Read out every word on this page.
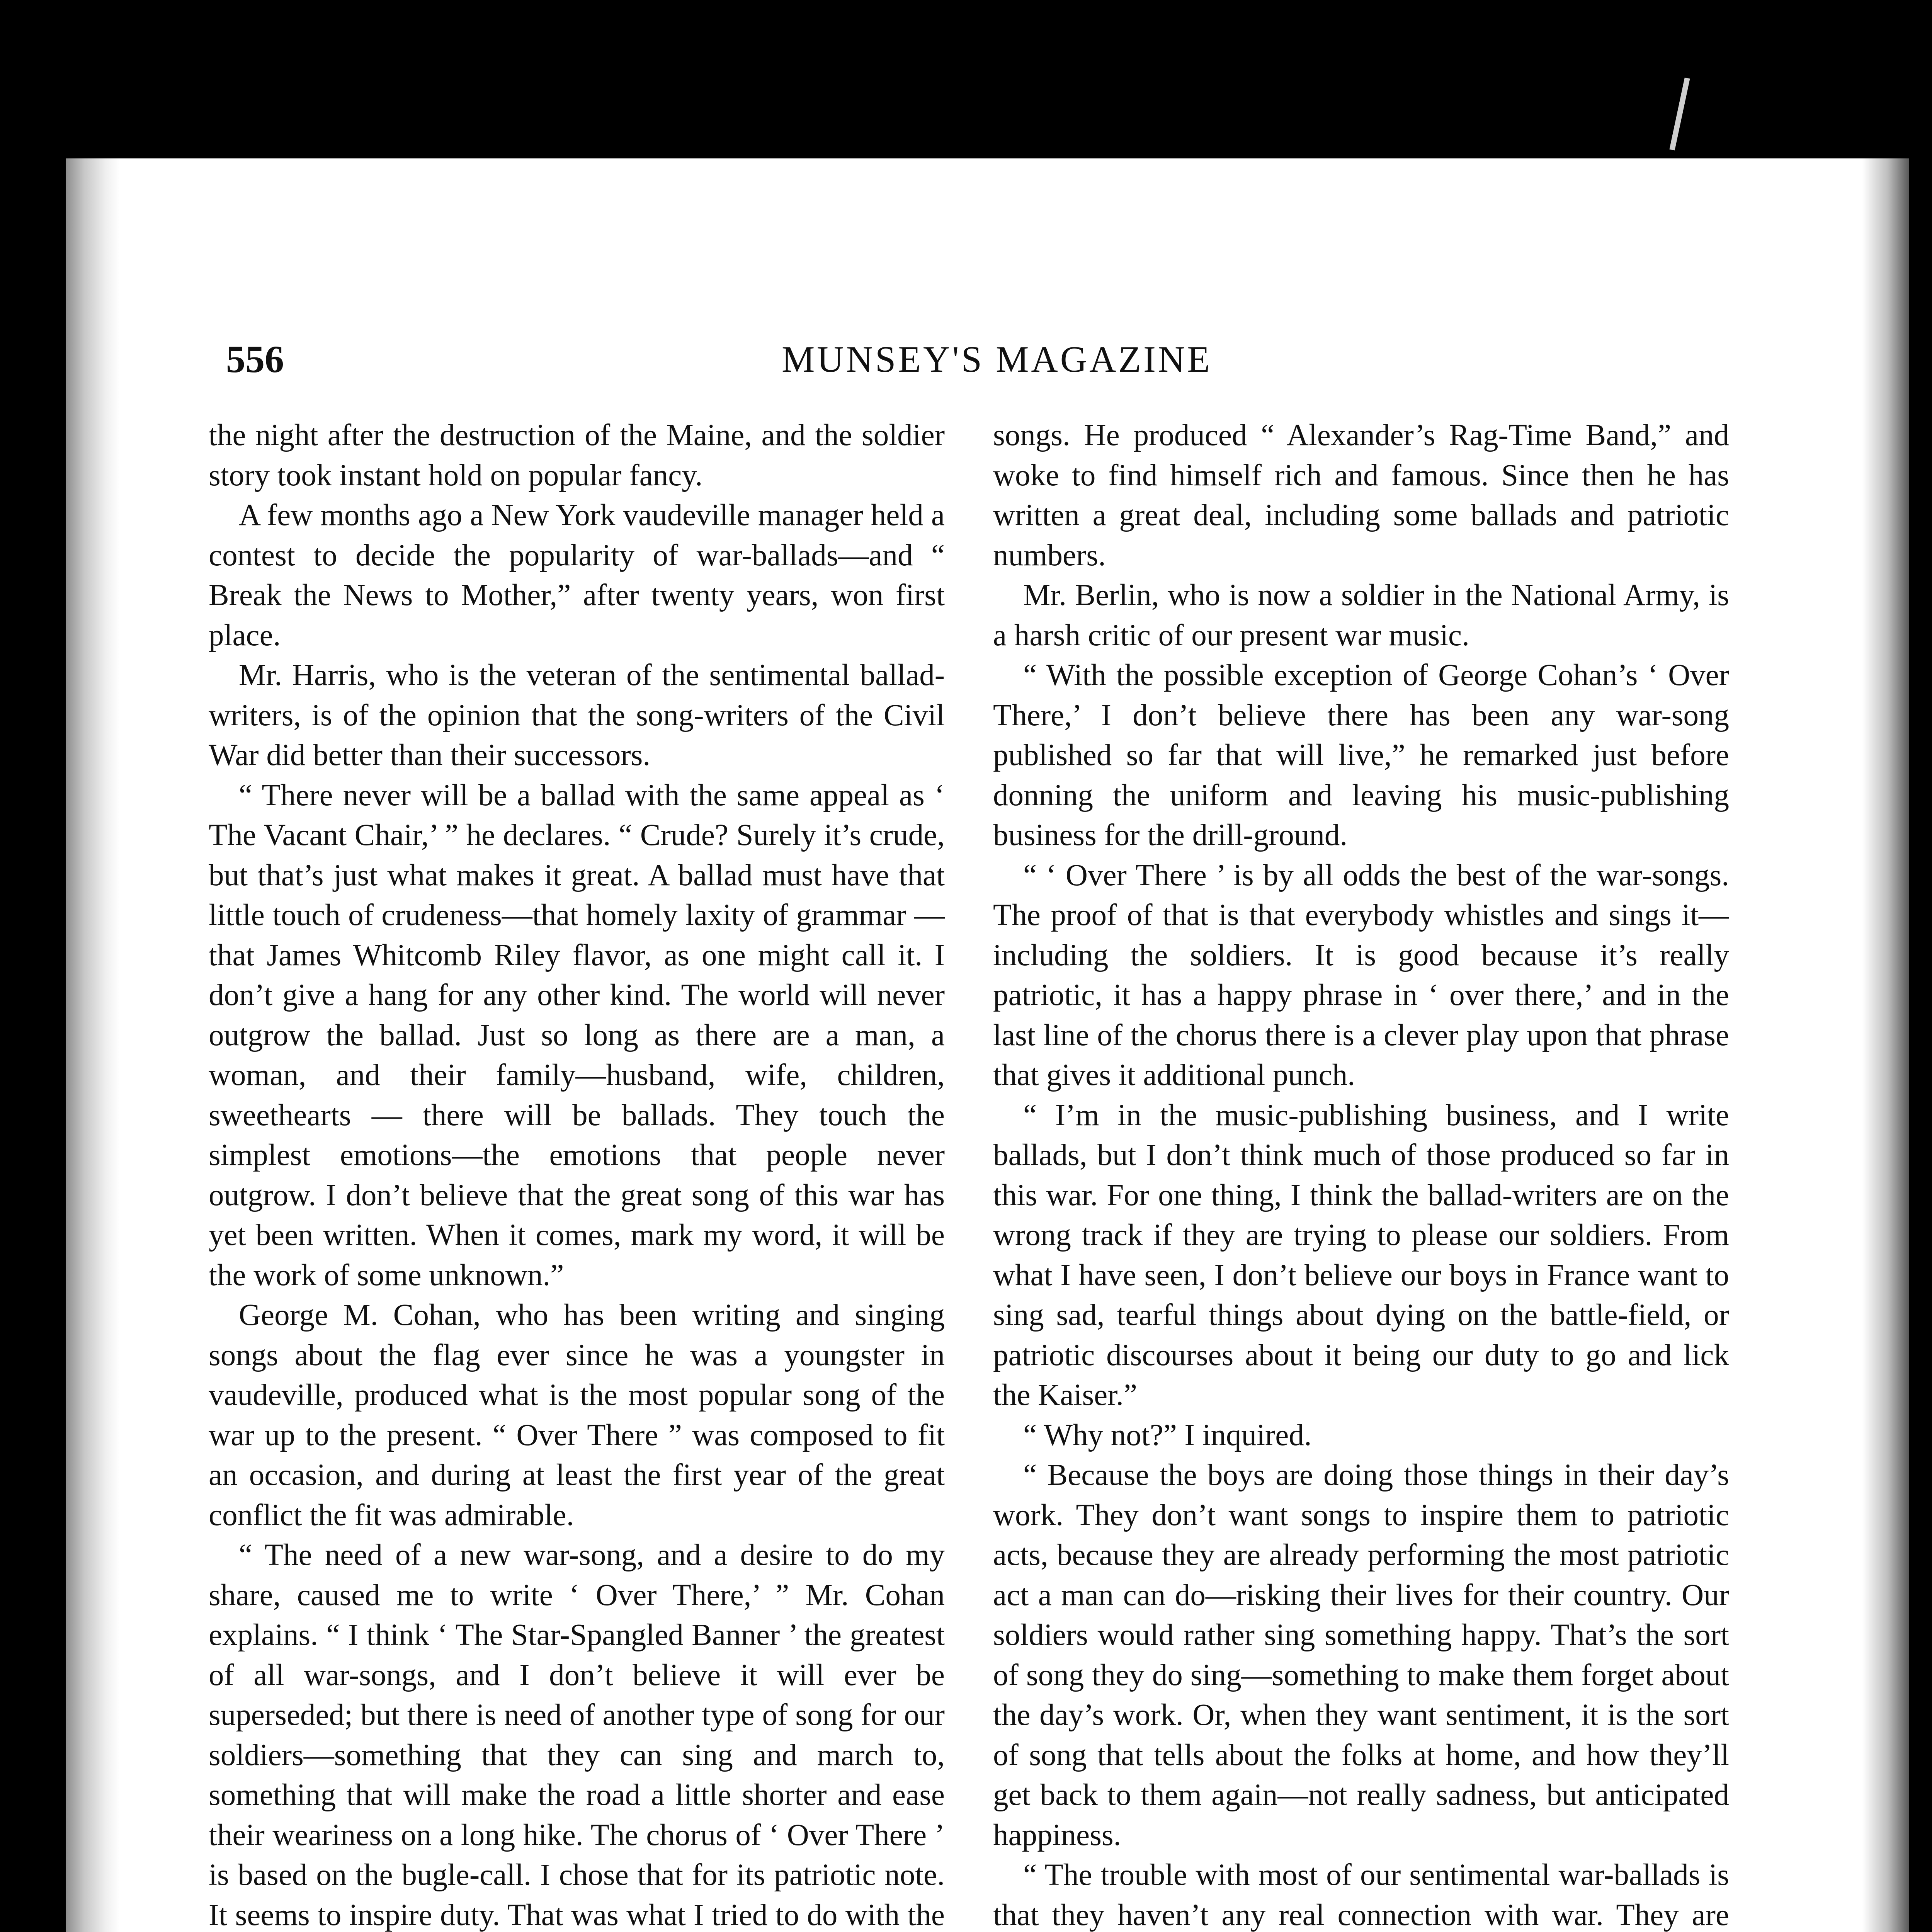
556	MUNSEY'S MAGAZINE

the night after the destruction of the Maine, and the soldier story took instant hold on popular fancy.

A few months ago a New York vaudeville manager held a contest to decide the popularity of war-ballads—and “ Break the News to Mother,” after twenty years, won first place.

Mr. Harris, who is the veteran of the sentimental ballad-writers, is of the opinion that the song-writers of the Civil War did better than their successors.

“ There never will be a ballad with the same appeal as ‘ The Vacant Chair,’ ” he declares. “ Crude? Surely it’s crude, but that’s just what makes it great. A ballad must have that little touch of crudeness—that homely laxity of grammar — that James Whitcomb Riley flavor, as one might call it. I don’t give a hang for any other kind. The world will never outgrow the ballad. Just so long as there are a man, a woman, and their family—husband, wife, children, sweethearts — there will be ballads. They touch the simplest emotions—the emotions that people never outgrow. I don’t believe that the great song of this war has yet been written. When it comes, mark my word, it will be the work of some unknown.”

George M. Cohan, who has been writing and singing songs about the flag ever since he was a youngster in vaudeville, produced what is the most popular song of the war up to the present. “ Over There ” was composed to fit an occasion, and during at least the first year of the great conflict the fit was admirable.

“ The need of a new war-song, and a desire to do my share, caused me to write ‘ Over There,’ ” Mr. Cohan explains. “ I think ‘ The Star-Spangled Banner ’ the greatest of all war-songs, and I don’t believe it will ever be superseded; but there is need of another type of song for our soldiers—something that they can sing and march to, something that will make the road a little shorter and ease their weariness on a long hike. The chorus of ‘ Over There ’ is based on the bugle-call. I chose that for its patriotic note. It seems to inspire duty. That was what I tried to do with the

songs. He produced “ Alexander’s Rag-Time Band,” and woke to find himself rich and famous. Since then he has written a great deal, including some ballads and patriotic numbers.

Mr. Berlin, who is now a soldier in the National Army, is a harsh critic of our present war music.

“ With the possible exception of George Cohan’s ‘ Over There,’ I don’t believe there has been any war-song published so far that will live,” he remarked just before donning the uniform and leaving his music-publishing business for the drill-ground.

“ ‘ Over There ’ is by all odds the best of the war-songs. The proof of that is that everybody whistles and sings it—including the soldiers. It is good because it’s really patriotic, it has a happy phrase in ‘ over there,’ and in the last line of the chorus there is a clever play upon that phrase that gives it additional punch.

“ I’m in the music-publishing business, and I write ballads, but I don’t think much of those produced so far in this war. For one thing, I think the ballad-writers are on the wrong track if they are trying to please our soldiers. From what I have seen, I don’t believe our boys in France want to sing sad, tearful things about dying on the battle-field, or patriotic discourses about it being our duty to go and lick the Kaiser.”

“ Why not?” I inquired.

“ Because the boys are doing those things in their day’s work. They don’t want songs to inspire them to patriotic acts, because they are already performing the most patriotic act a man can do—risking their lives for their country. Our soldiers would rather sing something happy. That’s the sort of song they do sing—something to make them forget about the day’s work. Or, when they want sentiment, it is the sort of song that tells about the folks at home, and how they’ll get back to them again—not really sadness, but anticipated happiness.

“ The trouble with most of our sentimental war-ballads is that they haven’t any real connection with war. They are
